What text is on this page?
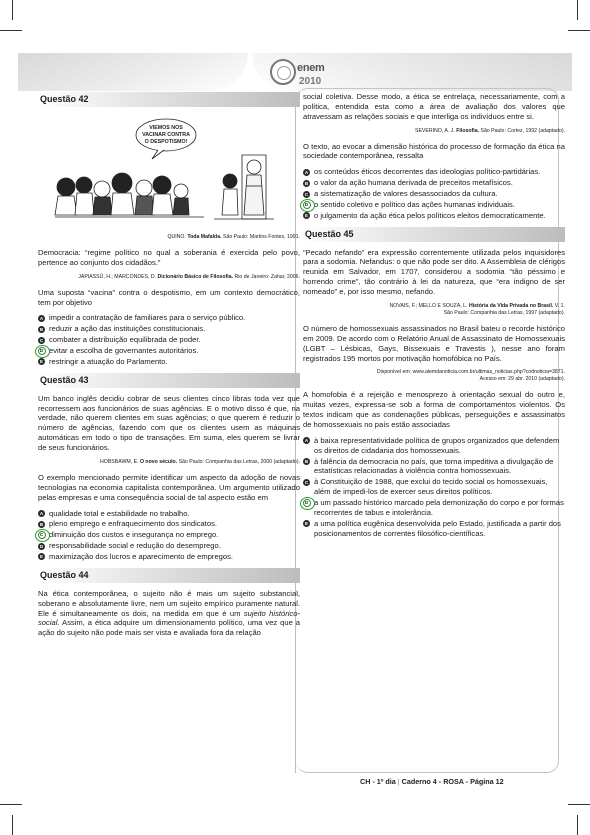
enem
2010
Questão 42
VIEMOS NOS
VACINAR CONTRA
O DESPOTISMO!
QUINO. Toda Mafalda. São Paulo: Martins Fontes, 1991.

Democracia: “regime político no qual a soberania é exercida pelo povo, pertence ao conjunto dos cidadãos.”

JAPIASSÚ, H.; MARCONDES, D. Dicionário Básico de Filosofia. Rio de Janeiro: Zahar, 2006.

Uma suposta “vacina” contra o despotismo, em um contexto democrático, tem por objetivo

A impedir a contratação de familiares para o serviço público.
B reduzir a ação das instituições constitucionais.
C combater a distribuição equilibrada de poder.
D evitar a escolha de governantes autoritários.
E restringir a atuação do Parlamento.
Questão 43

Um banco inglês decidiu cobrar de seus clientes cinco libras toda vez que recorressem aos funcionários de suas agências. E o motivo disso é que, na verdade, não querem clientes em suas agências; o que querem é reduzir o número de agências, fazendo com que os clientes usem as máquinas automáticas em todo o tipo de transações. Em suma, eles querem se livrar de seus funcionários.

HOBSBAWM, E. O novo século. São Paulo: Companhia das Letras, 2000 (adaptado).

O exemplo mencionado permite identificar um aspecto da adoção de novas tecnologias na economia capitalista contemporânea. Um argumento utilizado pelas empresas e uma consequência social de tal aspecto estão em

A qualidade total e estabilidade no trabalho.
B pleno emprego e enfraquecimento dos sindicatos.
C diminuição dos custos e insegurança no emprego.
D responsabilidade social e redução do desemprego.
E maximização dos lucros e aparecimento de empregos.
Questão 44

Na ética contemporânea, o sujeito não é mais um sujeito substancial, soberano e absolutamente livre, nem um sujeito empírico puramente natural. Ele é simultaneamente os dois, na medida em que é um sujeito histórico-social. Assim, a ética adquire um dimensionamento político, uma vez que a ação do sujeito não pode mais ser vista e avaliada fora da relação

social coletiva. Desse modo, a ética se entrelaça, necessariamente, com a política, entendida esta como a área de avaliação dos valores que atravessam as relações sociais e que interliga os indivíduos entre si.

SEVERINO, A. J. Filosofia. São Paulo: Cortez, 1992 (adaptado).

O texto, ao evocar a dimensão histórica do processo de formação da ética na sociedade contemporânea, ressalta

A os conteúdos éticos decorrentes das ideologias político-partidárias.
B o valor da ação humana derivada de preceitos metafísicos.
C a sistematização de valores desassociados da cultura.
D o sentido coletivo e político das ações humanas individuais.
E o julgamento da ação ética pelos políticos eleitos democraticamente.
Questão 45

“Pecado nefando” era expressão correntemente utilizada pelos inquisidores para a sodomia. Nefandus: o que não pode ser dito. A Assembleia de clérigos reunida em Salvador, em 1707, considerou a sodomia “tão péssimo e horrendo crime”, tão contrário à lei da natureza, que “era indigno de ser nomeado” e, por isso mesmo, nefando.

NOVAIS, F.; MELLO E SOUZA, L. História da Vida Privada no Brasil. V. 1.
São Paulo: Companhia das Letras, 1997 (adaptado).

O número de homossexuais assassinados no Brasil bateu o recorde histórico em 2009. De acordo com o Relatório Anual de Assassinato de Homossexuais (LGBT – Lésbicas, Gays, Bissexuais e Travestis ), nesse ano foram registrados 195 mortos por motivação homofóbica no País.

Disponível em: www.alemdanoticia.com.br/ultimas_noticias.php?codnoticia=3871.
Acesso em: 29 abr. 2010 (adaptado).

A homofobia é a rejeição e menosprezo à orientação sexual do outro e, muitas vezes, expressa-se sob a forma de comportamentos violentos. Os textos indicam que as condenações públicas, perseguições e assassinatos de homossexuais no país estão associadas

A à baixa representatividade política de grupos organizados que defendem os direitos de cidadania dos homossexuais.
B à falência da democracia no país, que torna impeditiva a divulgação de estatísticas relacionadas à violência contra homossexuais.
C à Constituição de 1988, que exclui do tecido social os homossexuais, além de impedi-los de exercer seus direitos políticos.
D a um passado histórico marcado pela demonização do corpo e por formas recorrentes de tabus e intolerância.
E a uma política eugênica desenvolvida pelo Estado, justificada a partir dos posicionamentos de correntes filosófico-científicas.
CH - 1º dia | Caderno 4 - ROSA - Página 12
